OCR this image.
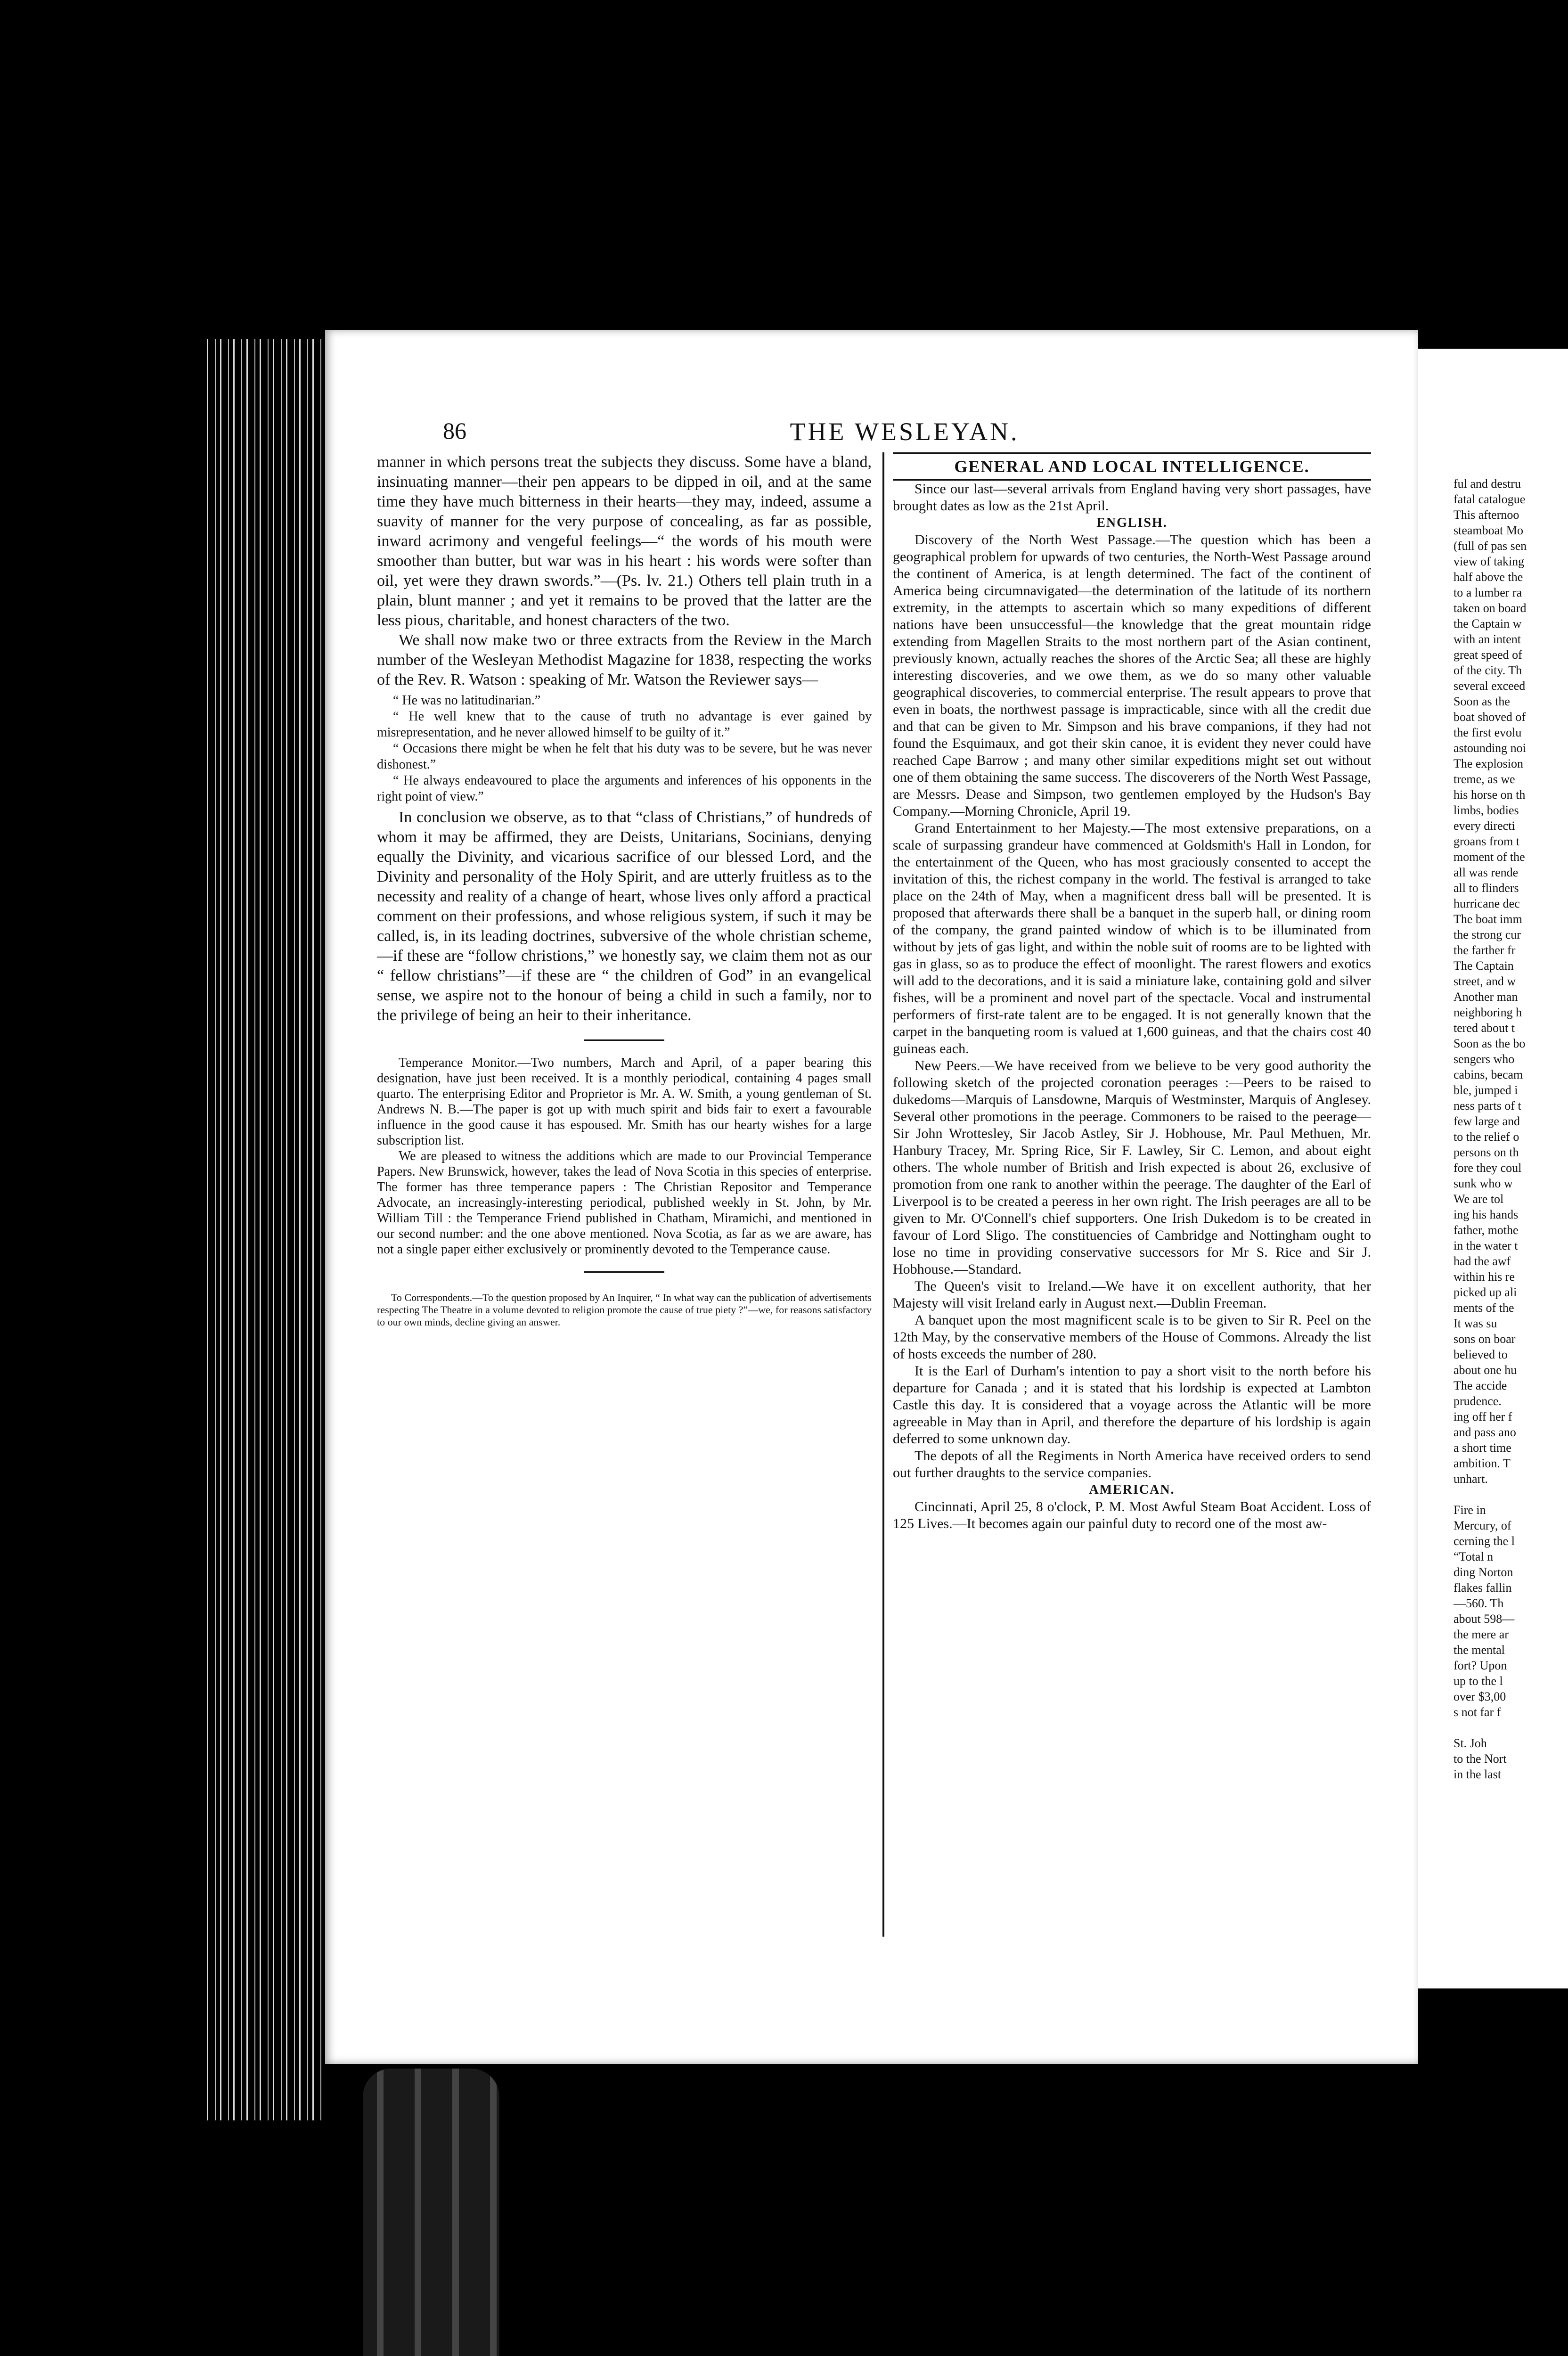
86	THE WESLEYAN.

manner in which persons treat the subjects they discuss. Some have a bland, insinuating manner—their pen appears to be dipped in oil, and at the same time they have much bitterness in their hearts—they may, indeed, assume a suavity of manner for the very purpose of concealing, as far as possible, inward acrimony and vengeful feelings—“ the words of his mouth were smoother than butter, but war was in his heart : his words were softer than oil, yet were they drawn swords.”—(Ps. lv. 21.) Others tell plain truth in a plain, blunt manner ; and yet it remains to be proved that the latter are the less pious, charitable, and honest characters of the two.

We shall now make two or three extracts from the Review in the March number of the Wesleyan Methodist Magazine for 1838, respecting the works of the Rev. R. Watson : speaking of Mr. Watson the Reviewer says—

“ He was no latitudinarian.”

“ He well knew that to the cause of truth no advantage is ever gained by misrepresentation, and he never allowed himself to be guilty of it.”

“ Occasions there might be when he felt that his duty was to be severe, but he was never dishonest.”

“ He always endeavoured to place the arguments and inferences of his opponents in the right point of view.”

In conclusion we observe, as to that “class of Christians,” of hundreds of whom it may be affirmed, they are Deists, Unitarians, Socinians, denying equally the Divinity, and vicarious sacrifice of our blessed Lord, and the Divinity and personality of the Holy Spirit, and are utterly fruitless as to the necessity and reality of a change of heart, whose lives only afford a practical comment on their professions, and whose religious system, if such it may be called, is, in its leading doctrines, subversive of the whole christian scheme,—if these are “follow christions,” we honestly say, we claim them not as our “ fellow christians”—if these are “ the children of God” in an evangelical sense, we aspire not to the honour of being a child in such a family, nor to the privilege of being an heir to their inheritance.

Temperance Monitor.—Two numbers, March and April, of a paper bearing this designation, have just been received. It is a monthly periodical, containing 4 pages small quarto. The enterprising Editor and Proprietor is Mr. A. W. Smith, a young gentleman of St. Andrews N. B.—The paper is got up with much spirit and bids fair to exert a favourable influence in the good cause it has espoused. Mr. Smith has our hearty wishes for a large subscription list.

We are pleased to witness the additions which are made to our Provincial Temperance Papers. New Brunswick, however, takes the lead of Nova Scotia in this species of enterprise. The former has three temperance papers : The Christian Repositor and Temperance Advocate, an increasingly-interesting periodical, published weekly in St. John, by Mr. William Till : the Temperance Friend published in Chatham, Miramichi, and mentioned in our second number: and the one above mentioned. Nova Scotia, as far as we are aware, has not a single paper either exclusively or prominently devoted to the Temperance cause.

To Correspondents.—To the question proposed by An Inquirer, “ In what way can the publication of advertisements respecting The Theatre in a volume devoted to religion promote the cause of true piety ?”—we, for reasons satisfactory to our own minds, decline giving an answer.

GENERAL AND LOCAL INTELLIGENCE.

Since our last—several arrivals from England having very short passages, have brought dates as low as the 21st April.

ENGLISH.

Discovery of the North West Passage.—The question which has been a geographical problem for upwards of two centuries, the North-West Passage around the continent of America, is at length determined. The fact of the continent of America being circumnavigated—the determination of the latitude of its northern extremity, in the attempts to ascertain which so many expeditions of different nations have been unsuccessful—the knowledge that the great mountain ridge extending from Magellen Straits to the most northern part of the Asian continent, previously known, actually reaches the shores of the Arctic Sea; all these are highly interesting discoveries, and we owe them, as we do so many other valuable geographical discoveries, to commercial enterprise. The result appears to prove that even in boats, the northwest passage is impracticable, since with all the credit due and that can be given to Mr. Simpson and his brave companions, if they had not found the Esquimaux, and got their skin canoe, it is evident they never could have reached Cape Barrow ; and many other similar expeditions might set out without one of them obtaining the same success. The discoverers of the North West Passage, are Messrs. Dease and Simpson, two gentlemen employed by the Hudson's Bay Company.—Morning Chronicle, April 19.

Grand Entertainment to her Majesty.—The most extensive preparations, on a scale of surpassing grandeur have commenced at Goldsmith's Hall in London, for the entertainment of the Queen, who has most graciously consented to accept the invitation of this, the richest company in the world. The festival is arranged to take place on the 24th of May, when a magnificent dress ball will be presented. It is proposed that afterwards there shall be a banquet in the superb hall, or dining room of the company, the grand painted window of which is to be illuminated from without by jets of gas light, and within the noble suit of rooms are to be lighted with gas in glass, so as to produce the effect of moonlight. The rarest flowers and exotics will add to the decorations, and it is said a miniature lake, containing gold and silver fishes, will be a prominent and novel part of the spectacle. Vocal and instrumental performers of first-rate talent are to be engaged. It is not generally known that the carpet in the banqueting room is valued at 1,600 guineas, and that the chairs cost 40 guineas each.

New Peers.—We have received from we believe to be very good authority the following sketch of the projected coronation peerages :—Peers to be raised to dukedoms—Marquis of Lansdowne, Marquis of Westminster, Marquis of Anglesey. Several other promotions in the peerage. Commoners to be raised to the peerage—Sir John Wrottesley, Sir Jacob Astley, Sir J. Hobhouse, Mr. Paul Methuen, Mr. Hanbury Tracey, Mr. Spring Rice, Sir F. Lawley, Sir C. Lemon, and about eight others. The whole number of British and Irish expected is about 26, exclusive of promotion from one rank to another within the peerage. The daughter of the Earl of Liverpool is to be created a peeress in her own right. The Irish peerages are all to be given to Mr. O'Connell's chief supporters. One Irish Dukedom is to be created in favour of Lord Sligo. The constituencies of Cambridge and Nottingham ought to lose no time in providing conservative successors for Mr S. Rice and Sir J. Hobhouse.—Standard.

The Queen's visit to Ireland.—We have it on excellent authority, that her Majesty will visit Ireland early in August next.—Dublin Freeman.

A banquet upon the most magnificent scale is to be given to Sir R. Peel on the 12th May, by the conservative members of the House of Commons. Already the list of hosts exceeds the number of 280.

It is the Earl of Durham's intention to pay a short visit to the north before his departure for Canada ; and it is stated that his lordship is expected at Lambton Castle this day. It is considered that a voyage across the Atlantic will be more agreeable in May than in April, and therefore the departure of his lordship is again deferred to some unknown day.

The depots of all the Regiments in North America have received orders to send out further draughts to the service companies.

AMERICAN.

Cincinnati, April 25, 8 o'clock, P. M. Most Awful Steam Boat Accident. Loss of 125 Lives.—It becomes again our painful duty to record one of the most aw-

ful and destru
fatal catalogue
This afternoo
steamboat Mo
(full of pas sen
view of taking
half above the
to a lumber ra
taken on board
the Captain w
with an intent
great speed of
of the city. Th
several exceed
Soon as the
boat shoved of
the first evolu
astounding noi
The explosion
treme, as we
his horse on th
limbs, bodies
every directi
groans from t
moment of the
all was rende
all to flinders
hurricane dec
The boat imm
the strong cur
the farther fr
The Captain
street, and w
Another man
neighboring h
tered about t
Soon as the bo
sengers who
cabins, becam
ble, jumped i
ness parts of t
few large and
to the relief o
persons on th
fore they coul
sunk who w
We are tol
ing his hands
father, mothe
in the water t
had the awf
within his re
picked up ali
ments of the
It was su
sons on boar
believed to
about one hu
The accide
prudence.
ing off her f
and pass ano
a short time
ambition. T
unhart.
Fire in
Mercury, of
cerning the l
“Total n
ding Norton
flakes fallin
—560. Th
about 598—
the mere ar
the mental
fort? Upon
up to the l
over $3,00
s not far f
St. Joh
to the Nort
in the last
